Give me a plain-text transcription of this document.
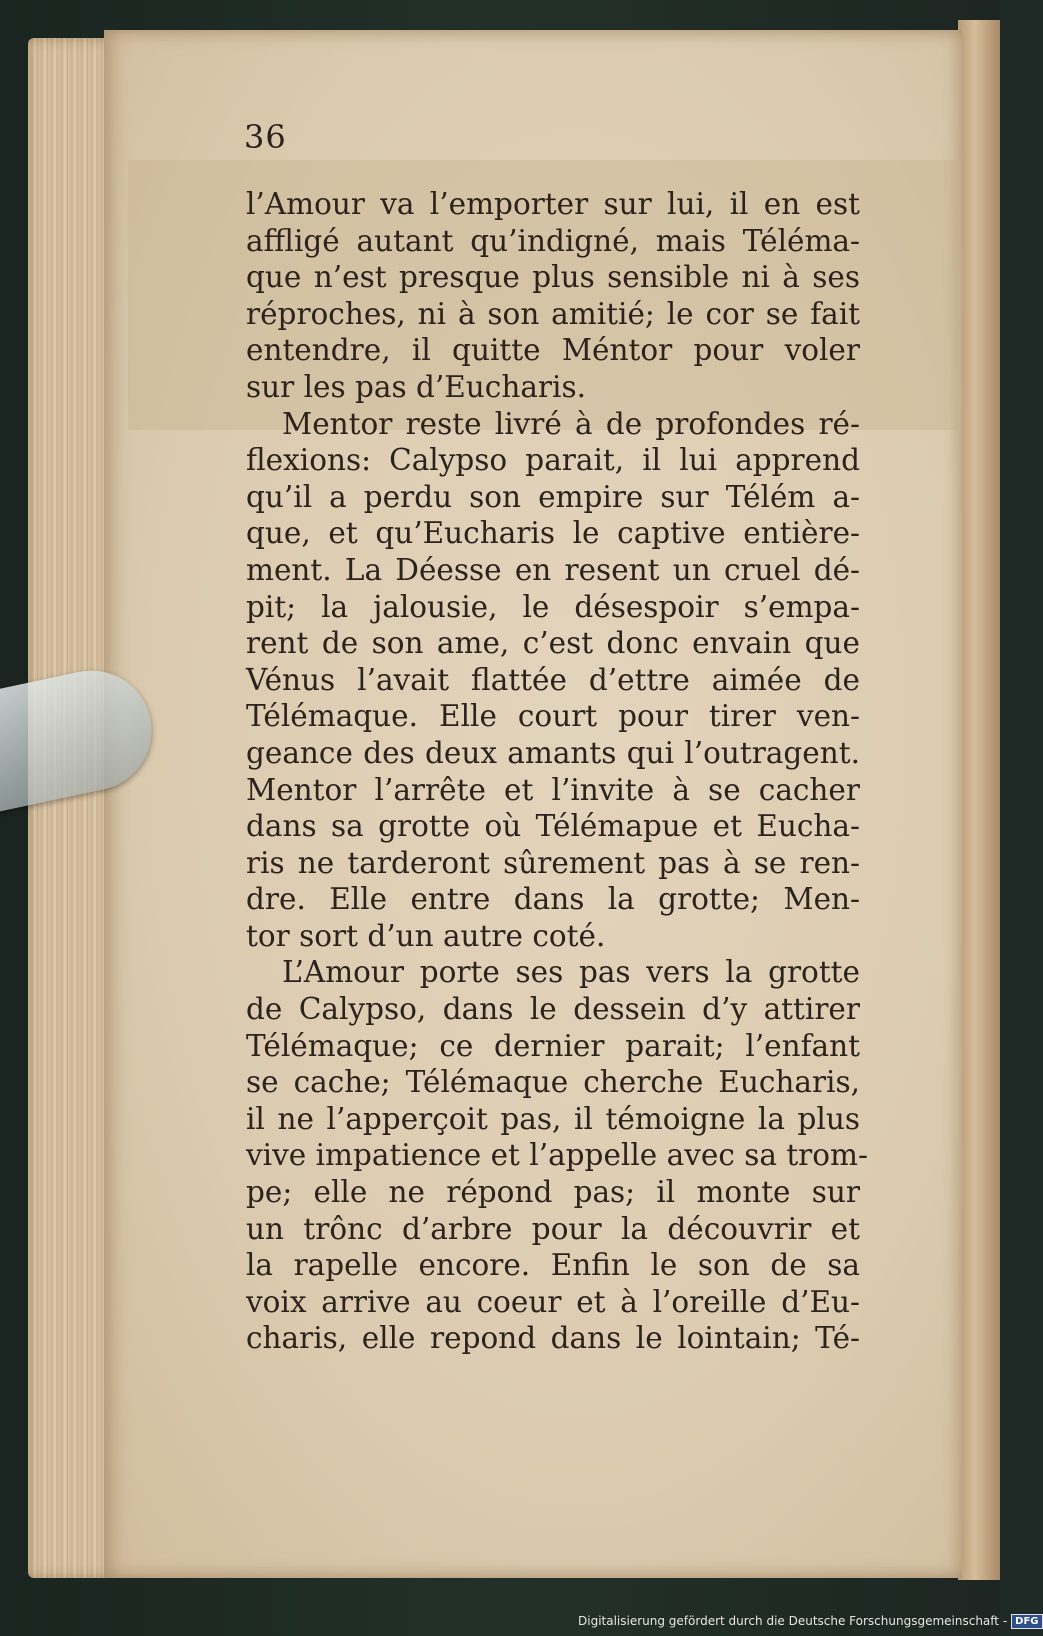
36
l’Amour va l’emporter sur lui, il en est
affligé autant qu’indigné, mais Téléma-
que n’est presque plus sensible ni à ses
réproches, ni à son amitié; le cor se fait
entendre, il quitte Méntor pour voler
sur les pas d’Eucharis.
Mentor reste livré à de profondes ré-
flexions: Calypso parait, il lui apprend
qu’il a perdu son empire sur Télém a-
que, et qu’Eucharis le captive entière-
ment. La Déesse en resent un cruel dé-
pit; la jalousie, le désespoir s’empa-
rent de son ame, c’est donc envain que
Vénus l’avait flattée d’ettre aimée de
Télémaque. Elle court pour tirer ven-
geance des deux amants qui l’outragent.
Mentor l’arrête et l’invite à se cacher
dans sa grotte où Télémapue et Eucha-
ris ne tarderont sûrement pas à se ren-
dre. Elle entre dans la grotte; Men-
tor sort d’un autre coté.
L’Amour porte ses pas vers la grotte
de Calypso, dans le dessein d’y attirer
Télémaque; ce dernier parait; l’enfant
se cache; Télémaque cherche Eucharis,
il ne l’apperçoit pas, il témoigne la plus
vive impatience et l’appelle avec sa trom-
pe; elle ne répond pas; il monte sur
un trônc d’arbre pour la découvrir et
la rapelle encore. Enfin le son de sa
voix arrive au coeur et à l’oreille d’Eu-
charis, elle repond dans le lointain; Té-
Digitalisierung gefördert durch die Deutsche Forschungsgemeinschaft - DFG
